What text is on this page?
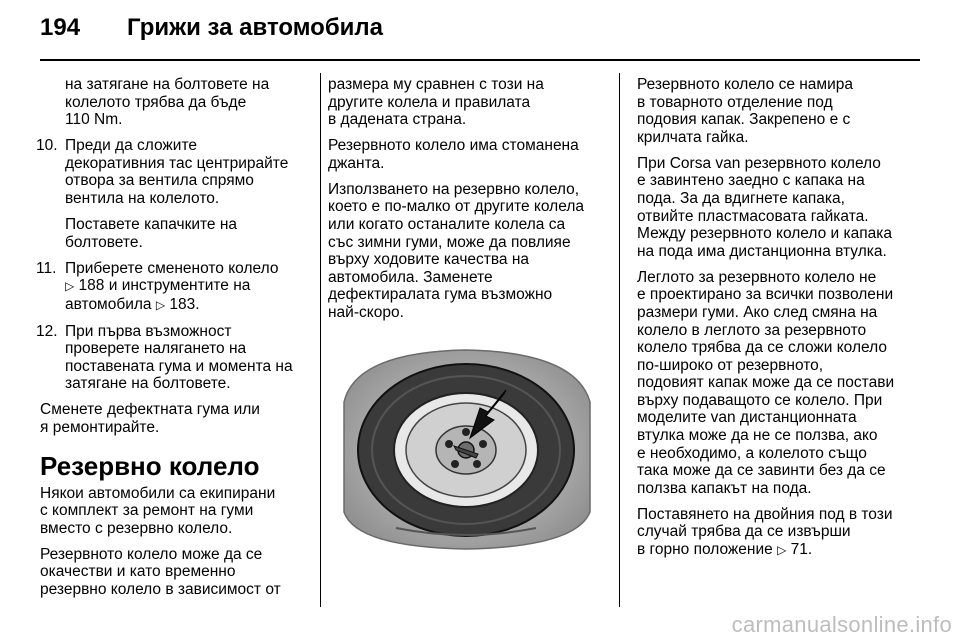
194 Грижи за автомобила

на затягане на болтовете на
колелото трябва да бъде
110 Nm.

10. Преди да сложите
декоративния тас центрирайте
отвора за вентила спрямо
вентила на колелото.

Поставете капачките на
болтовете.

11. Приберете смененото колело
▷ 188 и инструментите на
автомобила ▷ 183.

12. При първа възможност
проверете налягането на
поставената гума и момента на
затягане на болтовете.

Сменете дефектната гума или
я ремонтирайте.

Резервно колело

Някои автомобили са екипирани
с комплект за ремонт на гуми
вместо с резервно колело.

Резервното колело може да се
окачестви и като временно
резервно колело в зависимост от

размера му сравнен с този на
другите колела и правилата
в дадената страна.

Резервното колело има стоманена
джанта.

Използването на резервно колело,
което е по-малко от другите колела
или когато останалите колела са
със зимни гуми, може да повлияе
върху ходовите качества на
автомобила. Заменете
дефектиралата гума възможно
най-скоро.

Резервното колело се намира
в товарното отделение под
подовия капак. Закрепено е с
крилчата гайка.

При Corsa van резервното колело
е завинтено заедно с капака на
пода. За да вдигнете капака,
отвийте пластмасовата гайката.
Между резервното колело и капака
на пода има дистанционна втулка.

Леглото за резервното колело не
е проектирано за всички позволени
размери гуми. Ако след смяна на
колело в леглото за резервното
колело трябва да се сложи колело
по-широко от резервното,
подовият капак може да се постави
върху подаващото се колело. При
моделите van дистанционната
втулка може да не се ползва, ако
е необходимо, а колелото също
така може да се завинти без да се
ползва капакът на пода.

Поставянето на двойния под в този
случай трябва да се извърши
в горно положение ▷ 71.

carmanualsonline.info
